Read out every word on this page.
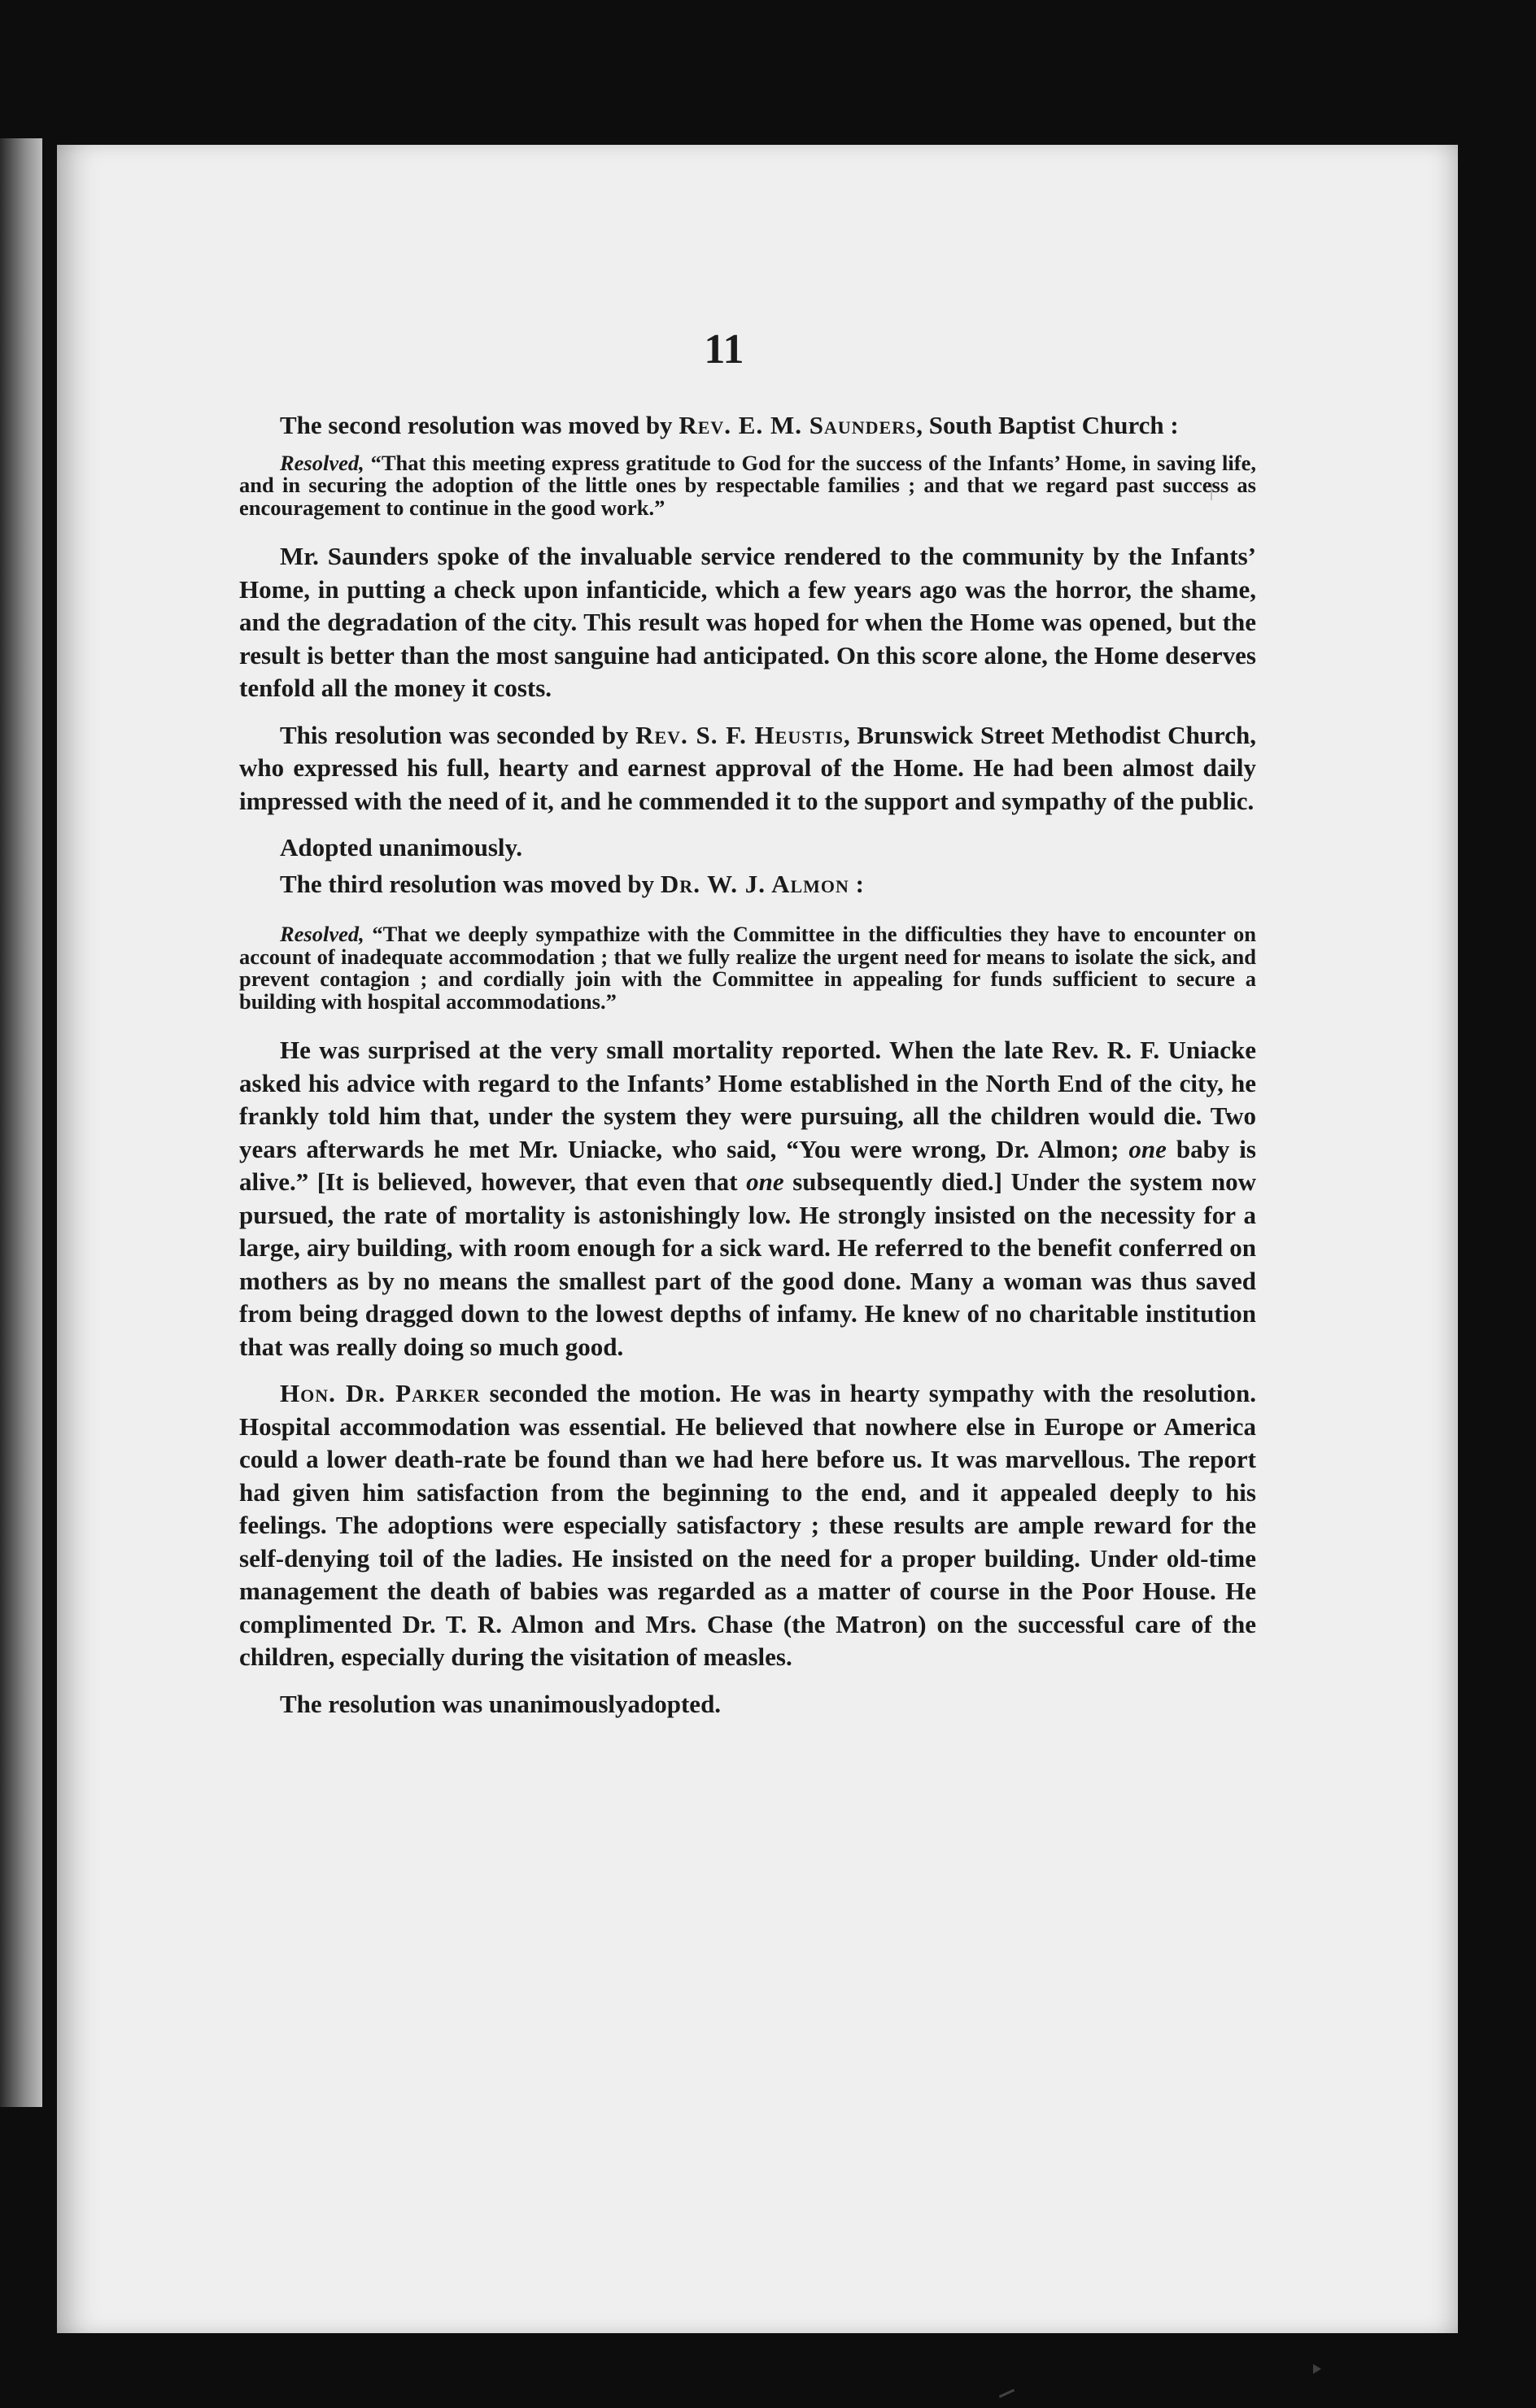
11

The second resolution was moved by Rev. E. M. Saunders, South Baptist Church :

Resolved, “That this meeting express gratitude to God for the success of the Infants’ Home, in saving life, and in securing the adoption of the little ones by respectable families ; and that we regard past success as encouragement to continue in the good work.”

Mr. Saunders spoke of the invaluable service rendered to the community by the Infants’ Home, in putting a check upon infanticide, which a few years ago was the horror, the shame, and the degradation of the city. This result was hoped for when the Home was opened, but the result is better than the most sanguine had anticipated. On this score alone, the Home deserves tenfold all the money it costs.

This resolution was seconded by Rev. S. F. Heustis, Brunswick Street Methodist Church, who expressed his full, hearty and earnest approval of the Home. He had been almost daily impressed with the need of it, and he commended it to the support and sympathy of the public.

Adopted unanimously.

The third resolution was moved by Dr. W. J. Almon :

Resolved, “That we deeply sympathize with the Committee in the difficulties they have to encounter on account of inadequate accommodation ; that we fully realize the urgent need for means to isolate the sick, and prevent contagion ; and cordially join with the Committee in appealing for funds sufficient to secure a building with hospital accommodations.”

He was surprised at the very small mortality reported. When the late Rev. R. F. Uniacke asked his advice with regard to the Infants’ Home established in the North End of the city, he frankly told him that, under the system they were pursuing, all the children would die. Two years afterwards he met Mr. Uniacke, who said, “You were wrong, Dr. Almon; one baby is alive.” [It is believed, however, that even that one subsequently died.] Under the system now pursued, the rate of mortality is astonishingly low. He strongly insisted on the necessity for a large, airy building, with room enough for a sick ward. He referred to the benefit conferred on mothers as by no means the smallest part of the good done. Many a woman was thus saved from being dragged down to the lowest depths of infamy. He knew of no charitable institution that was really doing so much good.

Hon. Dr. Parker seconded the motion. He was in hearty sympathy with the resolution. Hospital accommodation was essential. He believed that nowhere else in Europe or America could a lower death-rate be found than we had here before us. It was marvellous. The report had given him satisfaction from the beginning to the end, and it appealed deeply to his feelings. The adoptions were especially satisfactory ; these results are ample reward for the self-denying toil of the ladies. He insisted on the need for a proper building. Under old-time management the death of babies was regarded as a matter of course in the Poor House. He complimented Dr. T. R. Almon and Mrs. Chase (the Matron) on the successful care of the children, especially during the visitation of measles.

The resolution was unanimouslyadopted.
